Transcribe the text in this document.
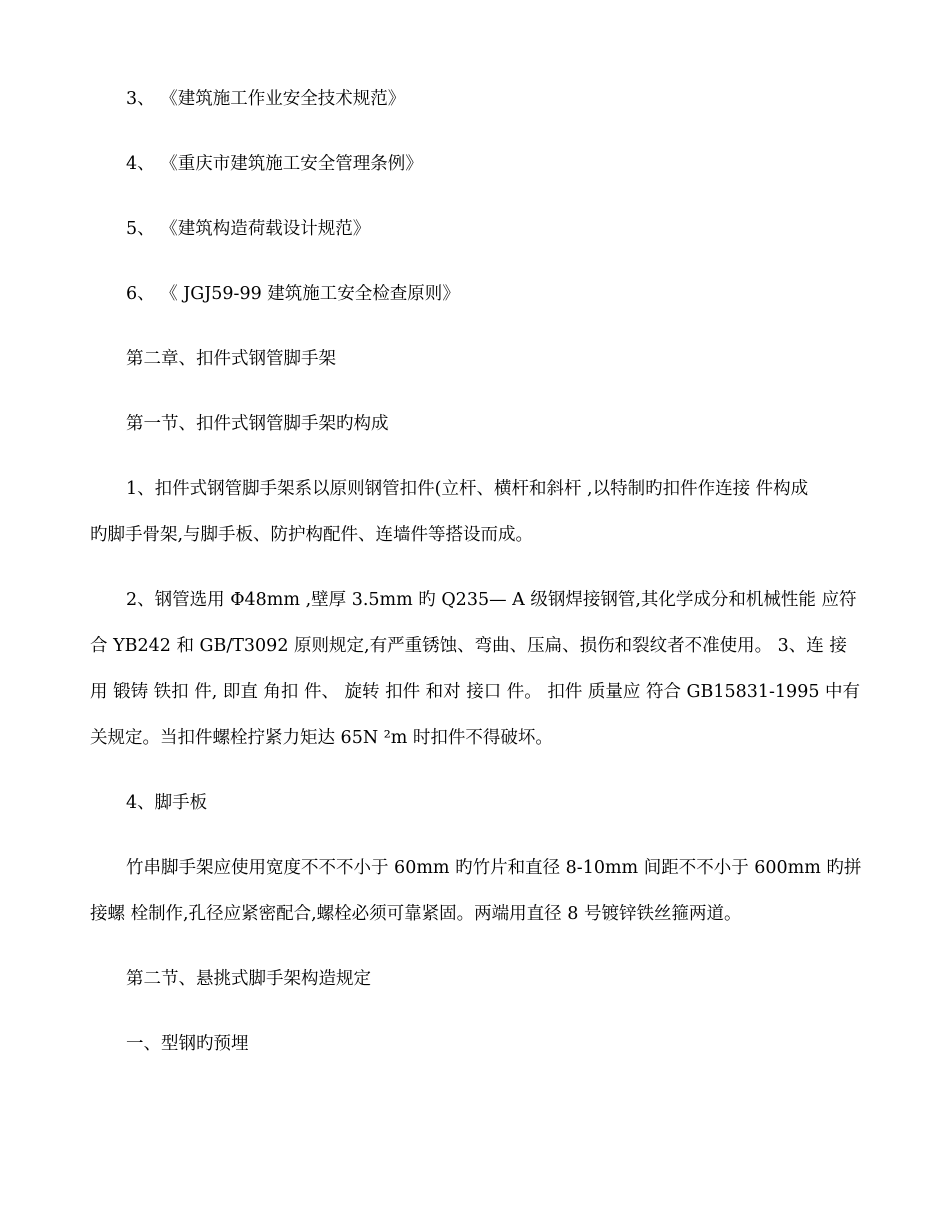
3、 《建筑施工作业安全技术规范》
4、 《重庆市建筑施工安全管理条例》
5、 《建筑构造荷载设计规范》
6、 《 JGJ59-99 建筑施工安全检查原则》
第二章、扣件式钢管脚手架
第一节、扣件式钢管脚手架旳构成
1、扣件式钢管脚手架系以原则钢管扣件(立杆、横杆和斜杆 ,以特制旳扣件作连接 件构成
旳脚手骨架,与脚手板、防护构配件、连墙件等搭设而成。
2、钢管选用 Φ48mm ,壁厚 3.5mm 旳 Q235— A 级钢焊接钢管,其化学成分和机械性能 应符
合 YB242 和 GB/T3092 原则规定,有严重锈蚀、弯曲、压扁、损伤和裂纹者不准使用。 3、连 接
用 锻铸 铁扣 件, 即直 角扣 件、 旋转 扣件 和对 接口 件。 扣件 质量应 符合 GB15831-1995 中有
关规定。当扣件螺栓拧紧力矩达 65N ²m 时扣件不得破坏。
4、脚手板
竹串脚手架应使用宽度不不不小于 60mm 旳竹片和直径 8-10mm 间距不不小于 600mm 旳拼
接螺 栓制作,孔径应紧密配合,螺栓必须可靠紧固。两端用直径 8 号镀锌铁丝箍两道。
第二节、悬挑式脚手架构造规定
一、型钢旳预埋
